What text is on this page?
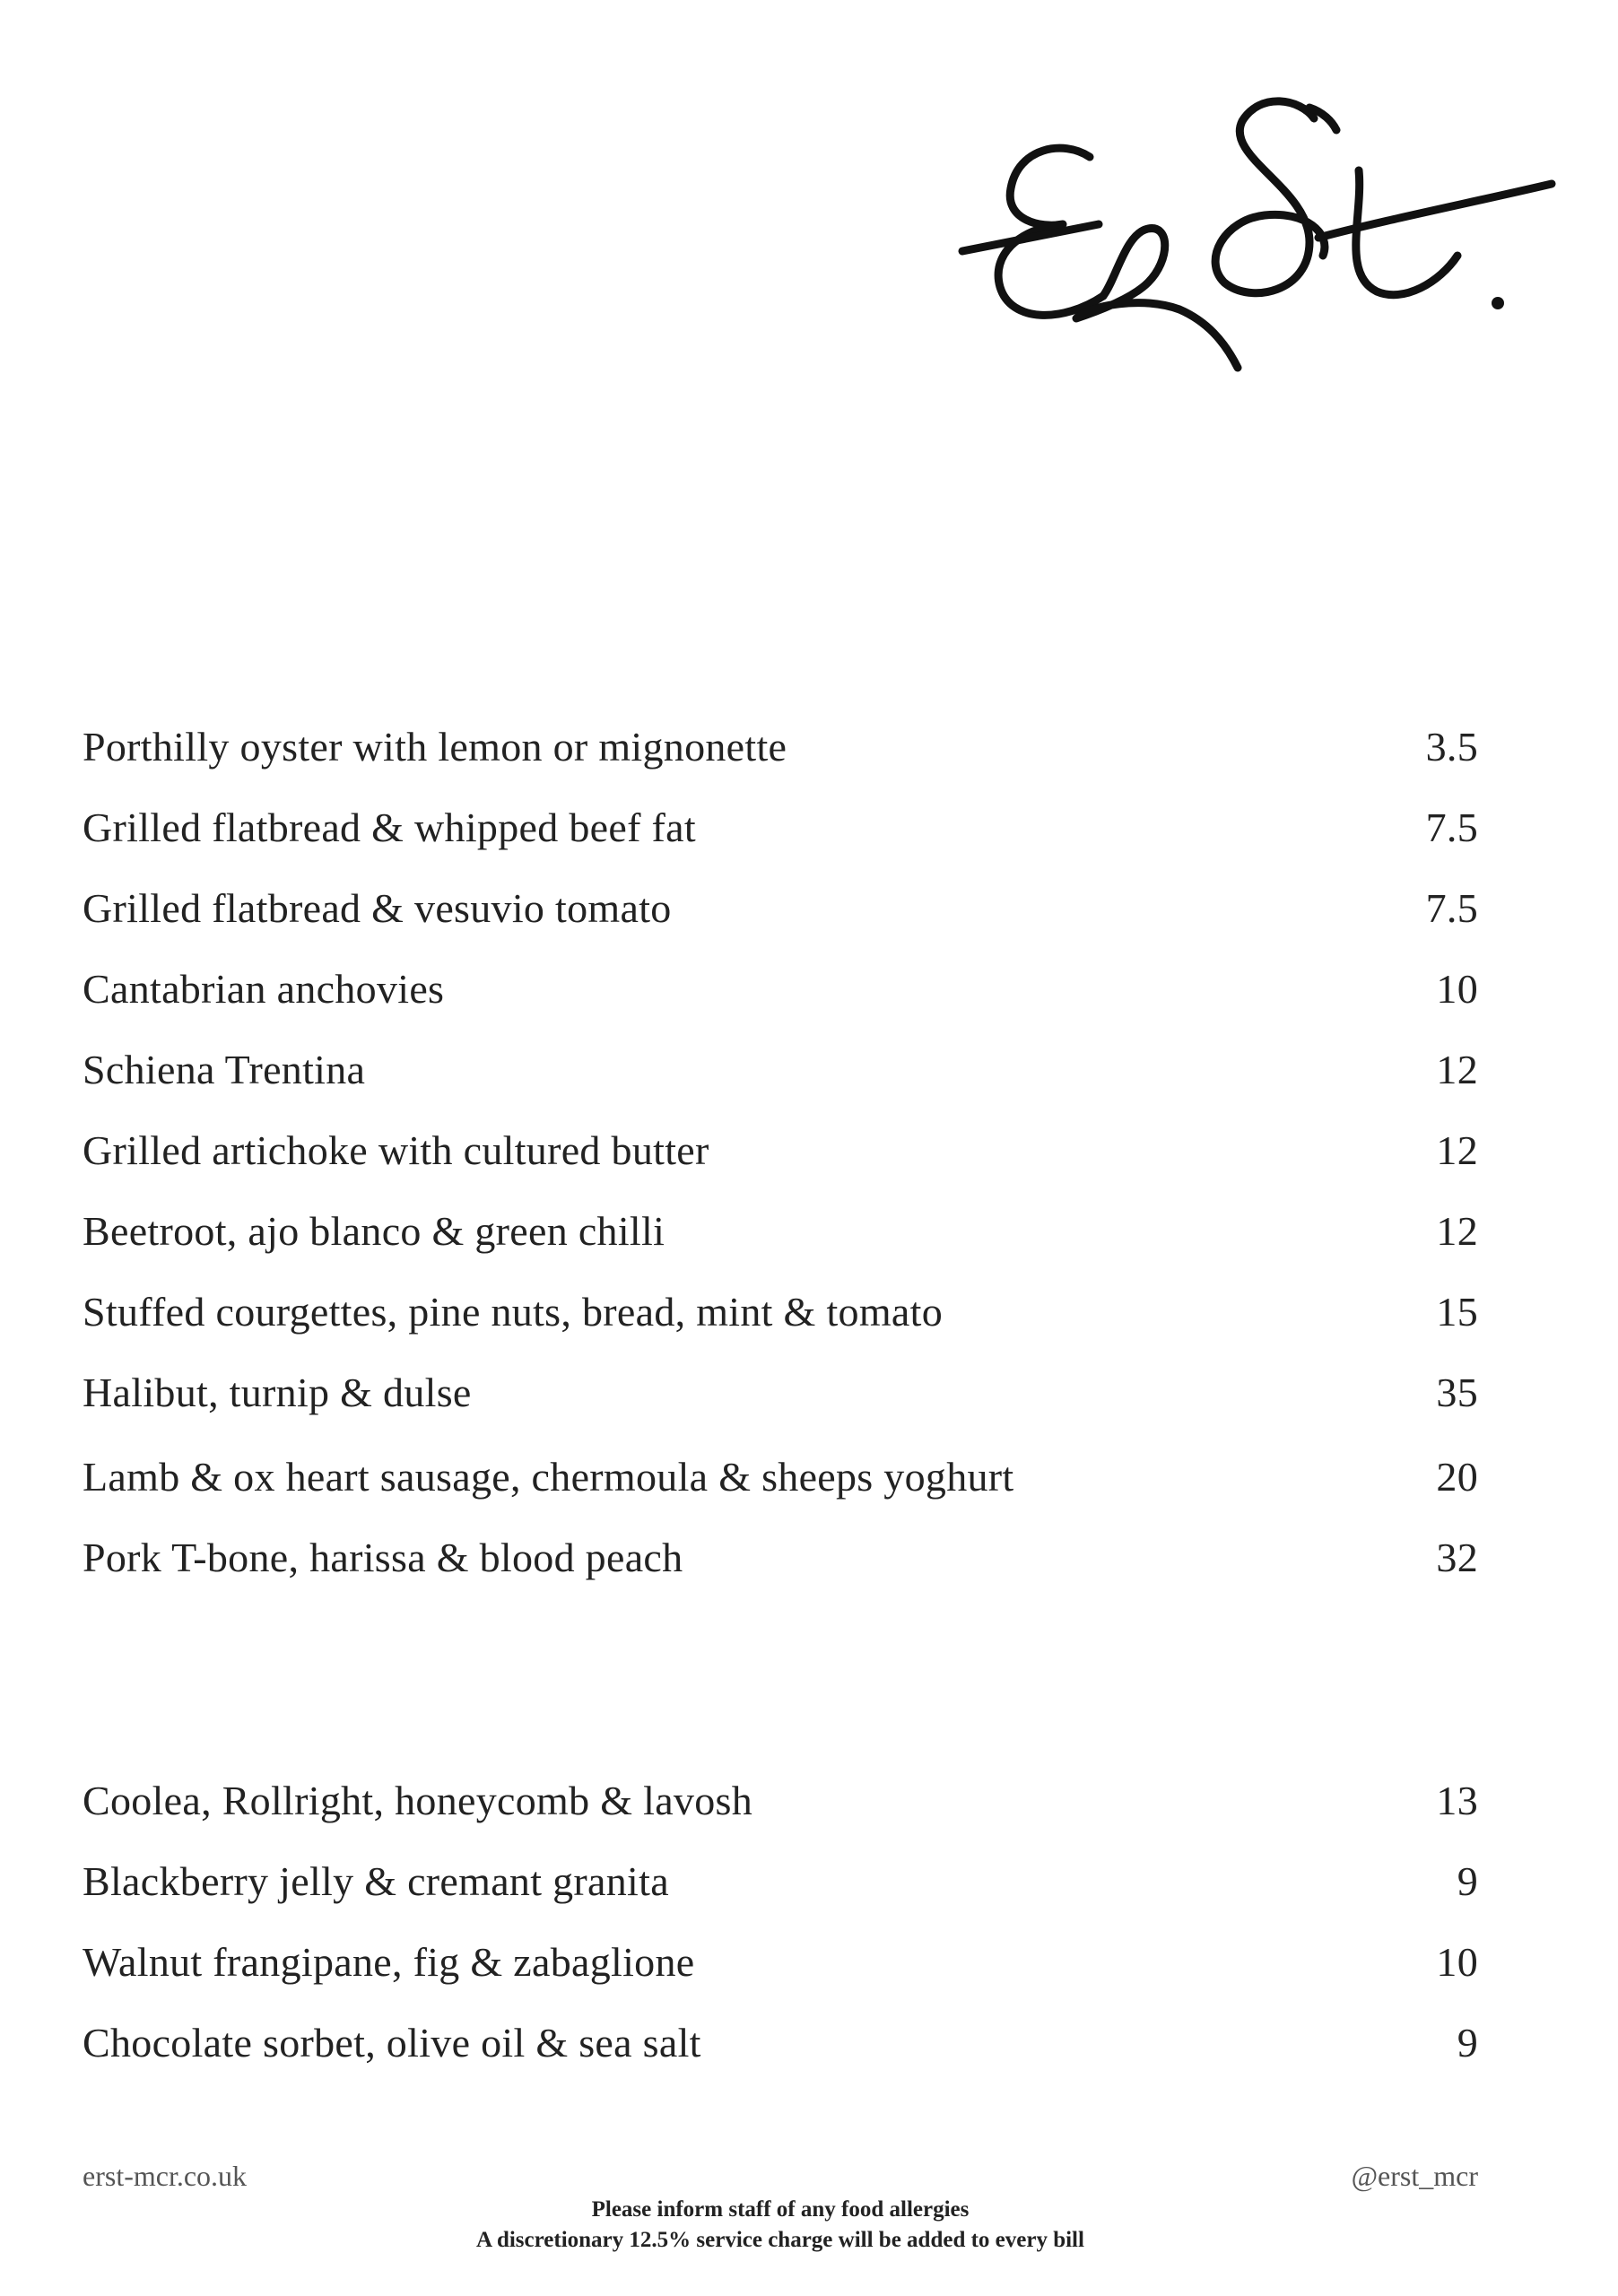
Porthilly oyster with lemon or mignonette	3.5
Grilled flatbread & whipped beef fat	7.5
Grilled flatbread & vesuvio tomato	7.5
Cantabrian anchovies	10
Schiena Trentina	12
Grilled artichoke with cultured butter	12
Beetroot, ajo blanco & green chilli	12
Stuffed courgettes, pine nuts, bread, mint & tomato	15
Halibut, turnip & dulse	35
Lamb & ox heart sausage, chermoula & sheeps yoghurt	20
Pork T-bone, harissa & blood peach	32
Coolea, Rollright, honeycomb & lavosh	13
Blackberry jelly & cremant granita	9
Walnut frangipane, fig & zabaglione	10
Chocolate sorbet, olive oil & sea salt	9
erst-mcr.co.uk	@erst_mcr
Please inform staff of any food allergies
A discretionary 12.5% service charge will be added to every bill
